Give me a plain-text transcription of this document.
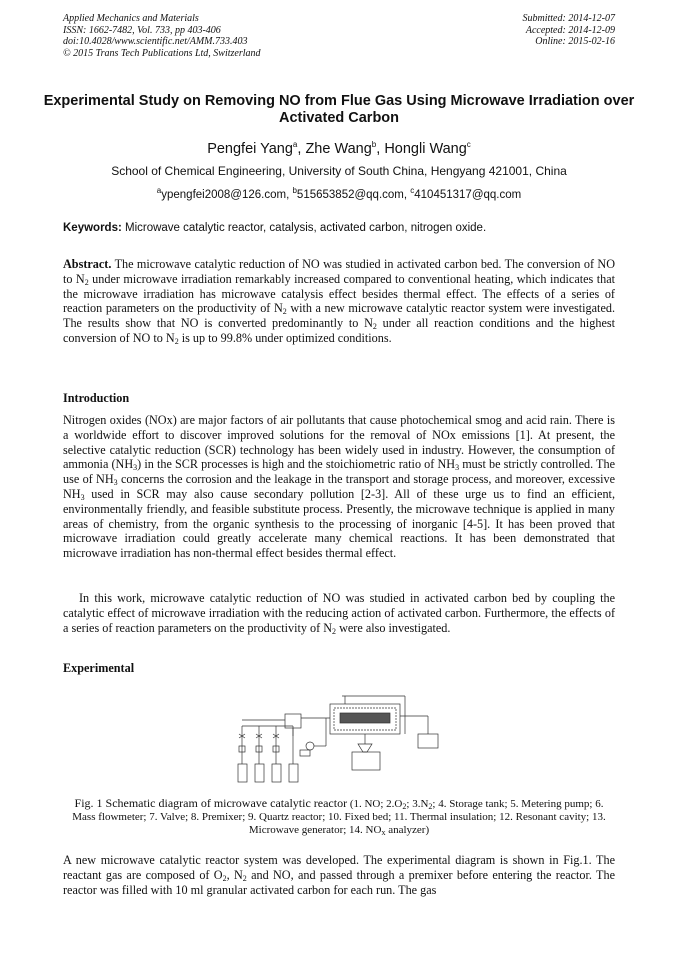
Applied Mechanics and Materials
ISSN: 1662-7482, Vol. 733, pp 403-406
doi:10.4028/www.scientific.net/AMM.733.403
© 2015 Trans Tech Publications Ltd, Switzerland
Submitted: 2014-12-07
Accepted: 2014-12-09
Online: 2015-02-16
Experimental Study on Removing NO from Flue Gas Using Microwave Irradiation over Activated Carbon
Pengfei Yang$^a$, Zhe Wang$^b$, Hongli Wang$^c$
School of Chemical Engineering, University of South China, Hengyang 421001, China
$^a$ypengfei2008@126.com, $^b$515653852@qq.com, $^c$410451317@qq.com
Keywords: Microwave catalytic reactor, catalysis, activated carbon, nitrogen oxide.
Abstract. The microwave catalytic reduction of NO was studied in activated carbon bed. The conversion of NO to $N_2$ under microwave irradiation remarkably increased compared to conventional heating, which indicates that the microwave irradiation has microwave catalysis effect besides thermal effect. The effects of a series of reaction parameters on the productivity of $N_2$ with a new microwave catalytic reactor system were investigated. The results show that NO is converted predominantly to $N_2$ under all reaction conditions and the highest conversion of NO to $N_2$ is up to 99.8% under optimized conditions.
Introduction
Nitrogen oxides (NOx) are major factors of air pollutants that cause photochemical smog and acid rain. There is a worldwide effort to discover improved solutions for the removal of NOx emissions [1]. At present, the selective catalytic reduction (SCR) technology has been widely used in industry. However, the consumption of ammonia $(NH_3)$ in the SCR processes is high and the stoichiometric ratio of $NH_3$ must be strictly controlled. The use of $NH_3$ concerns the corrosion and the leakage in the transport and storage process, and moreover, excessive $NH_3$ used in SCR may also cause secondary pollution [2-3]. All of these urge us to find an efficient, environmentally friendly, and feasible substitute process. Presently, the microwave technique is applied in many areas of chemistry, from the organic synthesis to the processing of inorganic [4-5]. It has been proved that microwave irradiation could greatly accelerate many chemical reactions. It has been demonstrated that microwave irradiation has non-thermal effect besides thermal effect.
In this work, microwave catalytic reduction of NO was studied in activated carbon bed by coupling the catalytic effect of microwave irradiation with the reducing action of activated carbon. Furthermore, the effects of a series of reaction parameters on the productivity of $N_2$ were also investigated.
Experimental
Fig. 1 Schematic diagram of microwave catalytic reactor (1. NO; $2.O_2$; $3.N_2$; 4. Storage tank; 5. Metering pump; 6. Mass flowmeter; 7. Valve; 8. Premixer; 9. Quartz reactor; 10. Fixed bed; 11. Thermal insulation; 12. Resonant cavity; 13. Microwave generator; 14. $NO_x$ analyzer)
A new microwave catalytic reactor system was developed. The experimental diagram is shown in Fig.1. The reactant gas are composed of $O_2$, $N_2$ and NO, and passed through a premixer before entering the reactor. The reactor was filled with 10 ml granular activated carbon for each run. The gas
